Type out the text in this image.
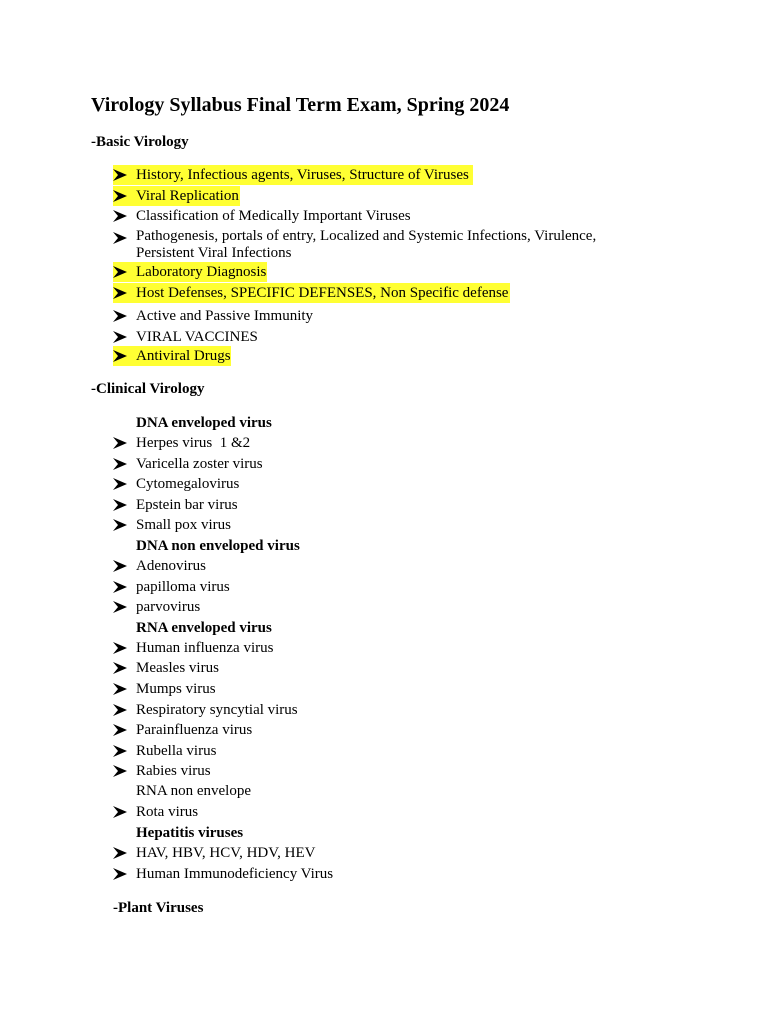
Virology Syllabus Final Term Exam, Spring 2024
-Basic Virology
History, Infectious agents, Viruses, Structure of Viruses
Viral Replication
Classification of Medically Important Viruses
Pathogenesis, portals of entry, Localized and Systemic Infections, Virulence,
Persistent Viral Infections
Laboratory Diagnosis
Host Defenses, SPECIFIC DEFENSES, Non Specific defense
Active and Passive Immunity
VIRAL VACCINES
Antiviral Drugs
-Clinical Virology
DNA enveloped virus
Herpes virus  1 &2
Varicella zoster virus
Cytomegalovirus
Epstein bar virus
Small pox virus
DNA non enveloped virus
Adenovirus
papilloma virus
parvovirus
RNA enveloped virus
Human influenza virus
Measles virus
Mumps virus
Respiratory syncytial virus
Parainfluenza virus
Rubella virus
Rabies virus
RNA non envelope
Rota virus
Hepatitis viruses
HAV, HBV, HCV, HDV, HEV
Human Immunodeficiency Virus
-Plant Viruses
